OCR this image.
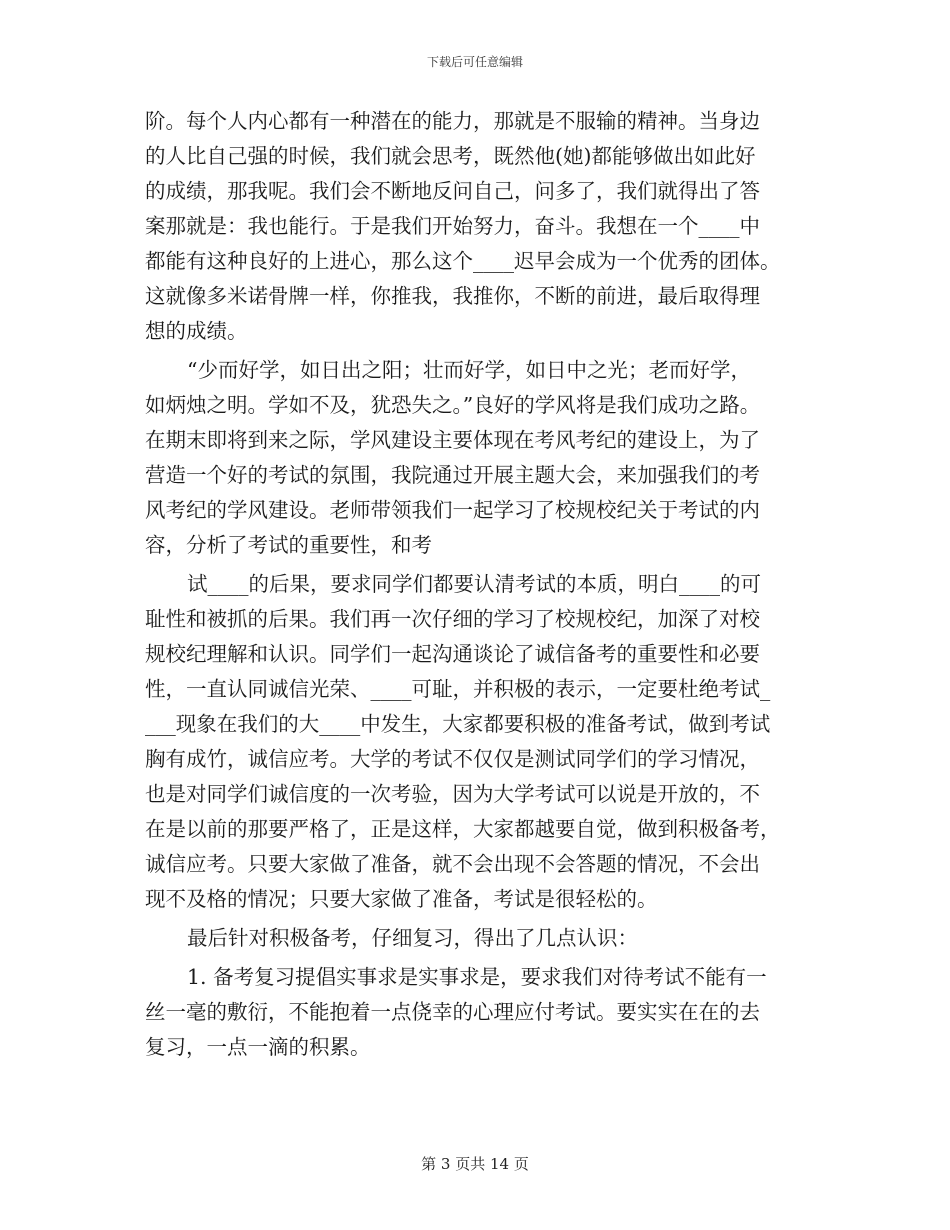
下载后可任意编辑
阶。每个人内心都有一种潜在的能力，那就是不服输的精神。当身边
的人比自己强的时候，我们就会思考，既然他(她)都能够做出如此好
的成绩，那我呢。我们会不断地反问自己，问多了，我们就得出了答
案那就是：我也能行。于是我们开始努力，奋斗。我想在一个____中
都能有这种良好的上进心，那么这个____迟早会成为一个优秀的团体。
这就像多米诺骨牌一样，你推我，我推你，不断的前进，最后取得理
想的成绩。
“少而好学，如日出之阳；壮而好学，如日中之光；老而好学，
如炳烛之明。学如不及，犹恐失之。”良好的学风将是我们成功之路。
在期末即将到来之际，学风建设主要体现在考风考纪的建设上，为了
营造一个好的考试的氛围，我院通过开展主题大会，来加强我们的考
风考纪的学风建设。老师带领我们一起学习了校规校纪关于考试的内
容，分析了考试的重要性，和考
试____的后果，要求同学们都要认清考试的本质，明白____的可
耻性和被抓的后果。我们再一次仔细的学习了校规校纪，加深了对校
规校纪理解和认识。同学们一起沟通谈论了诚信备考的重要性和必要
性，一直认同诚信光荣、____可耻，并积极的表示，一定要杜绝考试_
___现象在我们的大____中发生，大家都要积极的准备考试，做到考试
胸有成竹，诚信应考。大学的考试不仅仅是测试同学们的学习情况，
也是对同学们诚信度的一次考验，因为大学考试可以说是开放的，不
在是以前的那要严格了，正是这样，大家都越要自觉，做到积极备考，
诚信应考。只要大家做了准备，就不会出现不会答题的情况，不会出
现不及格的情况；只要大家做了准备，考试是很轻松的。
最后针对积极备考，仔细复习，得出了几点认识：
1. 备考复习提倡实事求是实事求是，要求我们对待考试不能有一
丝一毫的敷衍，不能抱着一点侥幸的心理应付考试。要实实在在的去
复习，一点一滴的积累。
第 3 页共 14 页
